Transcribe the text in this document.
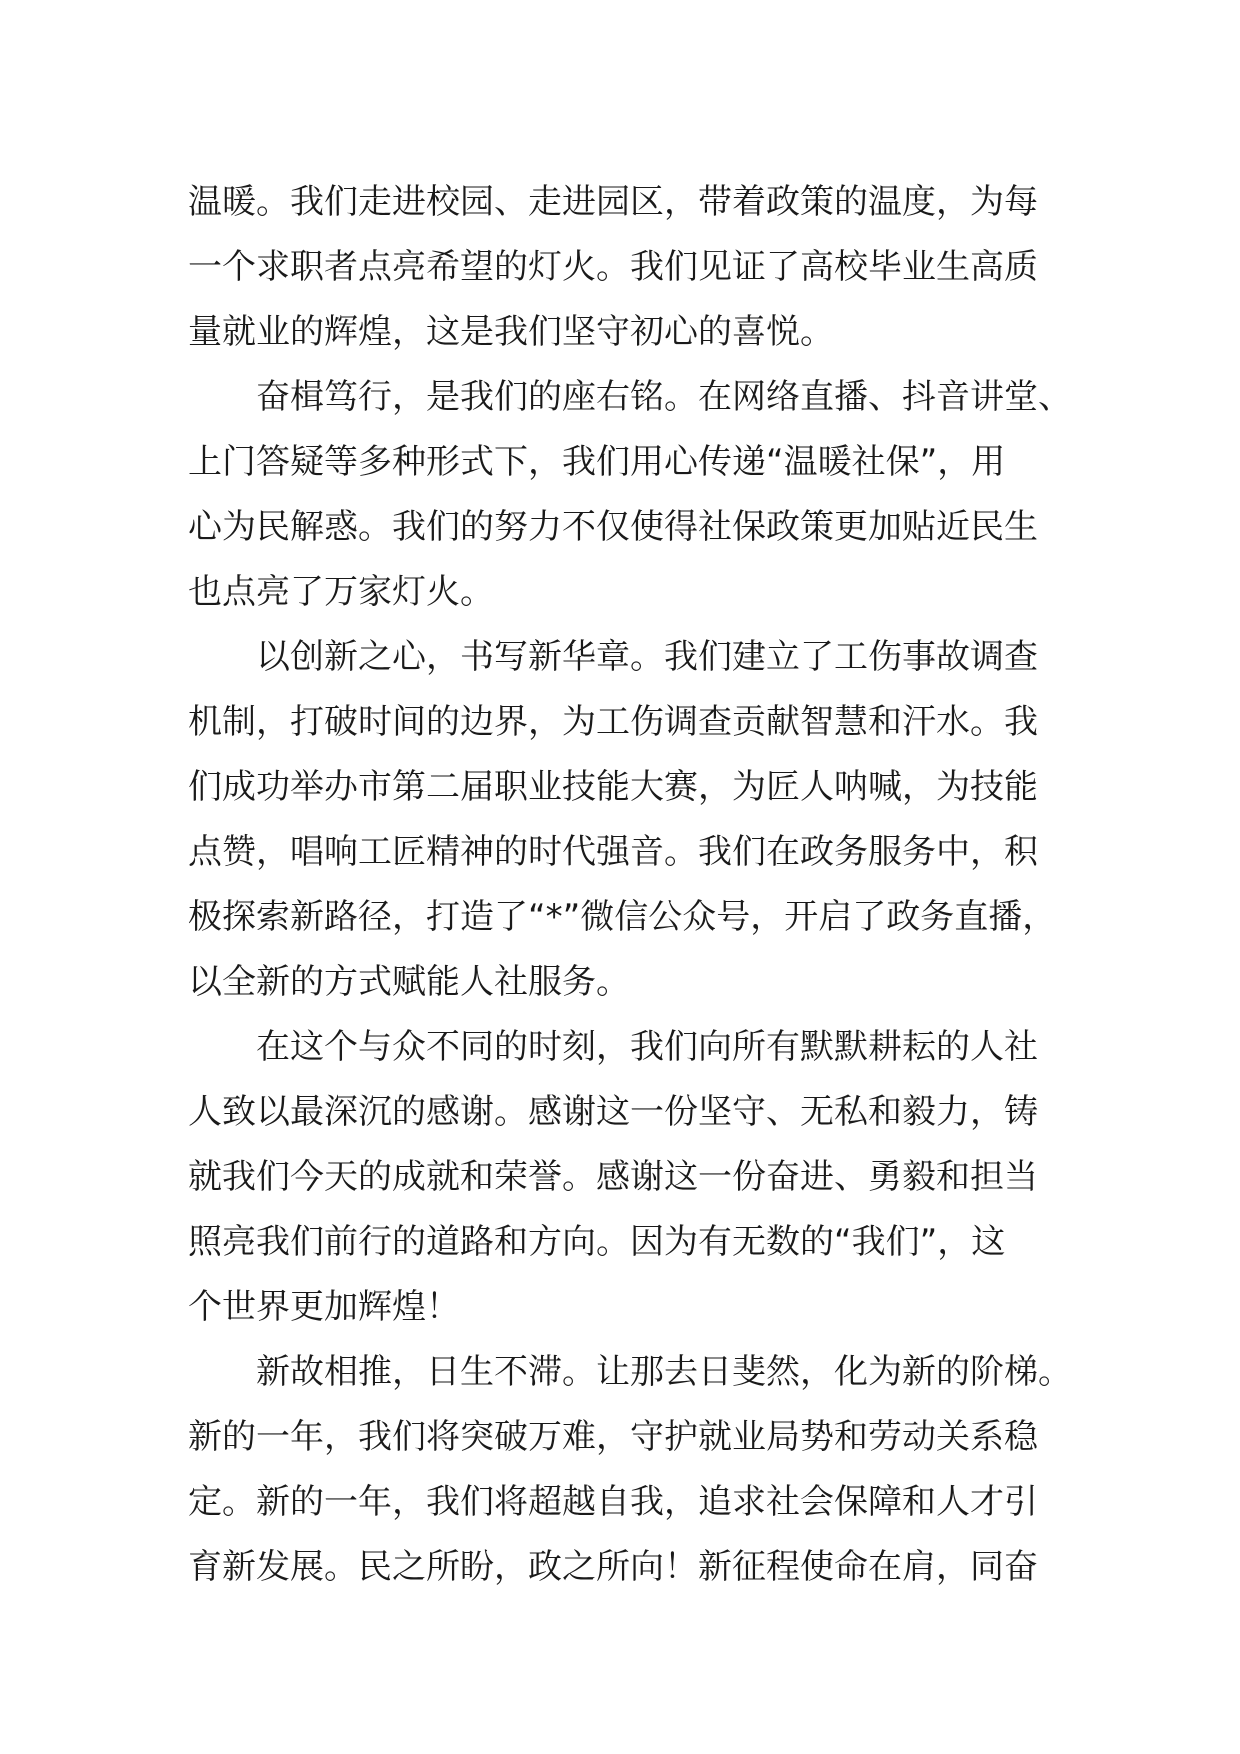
温暖。我们走进校园、走进园区，带着政策的温度，为每
一个求职者点亮希望的灯火。我们见证了高校毕业生高质
量就业的辉煌，这是我们坚守初心的喜悦。

奋楫笃行，是我们的座右铭。在网络直播、抖音讲堂、
上门答疑等多种形式下，我们用心传递“温暖社保”，用
心为民解惑。我们的努力不仅使得社保政策更加贴近民生
也点亮了万家灯火。

以创新之心，书写新华章。我们建立了工伤事故调查
机制，打破时间的边界，为工伤调查贡献智慧和汗水。我
们成功举办市第二届职业技能大赛，为匠人呐喊，为技能
点赞，唱响工匠精神的时代强音。我们在政务服务中，积
极探索新路径，打造了“*”微信公众号，开启了政务直播，
以全新的方式赋能人社服务。

在这个与众不同的时刻，我们向所有默默耕耘的人社
人致以最深沉的感谢。感谢这一份坚守、无私和毅力，铸
就我们今天的成就和荣誉。感谢这一份奋进、勇毅和担当
照亮我们前行的道路和方向。因为有无数的“我们”，这
个世界更加辉煌！

新故相推，日生不滞。让那去日斐然，化为新的阶梯。
新的一年，我们将突破万难，守护就业局势和劳动关系稳
定。新的一年，我们将超越自我，追求社会保障和人才引
育新发展。民之所盼，政之所向！新征程使命在肩，同奋
